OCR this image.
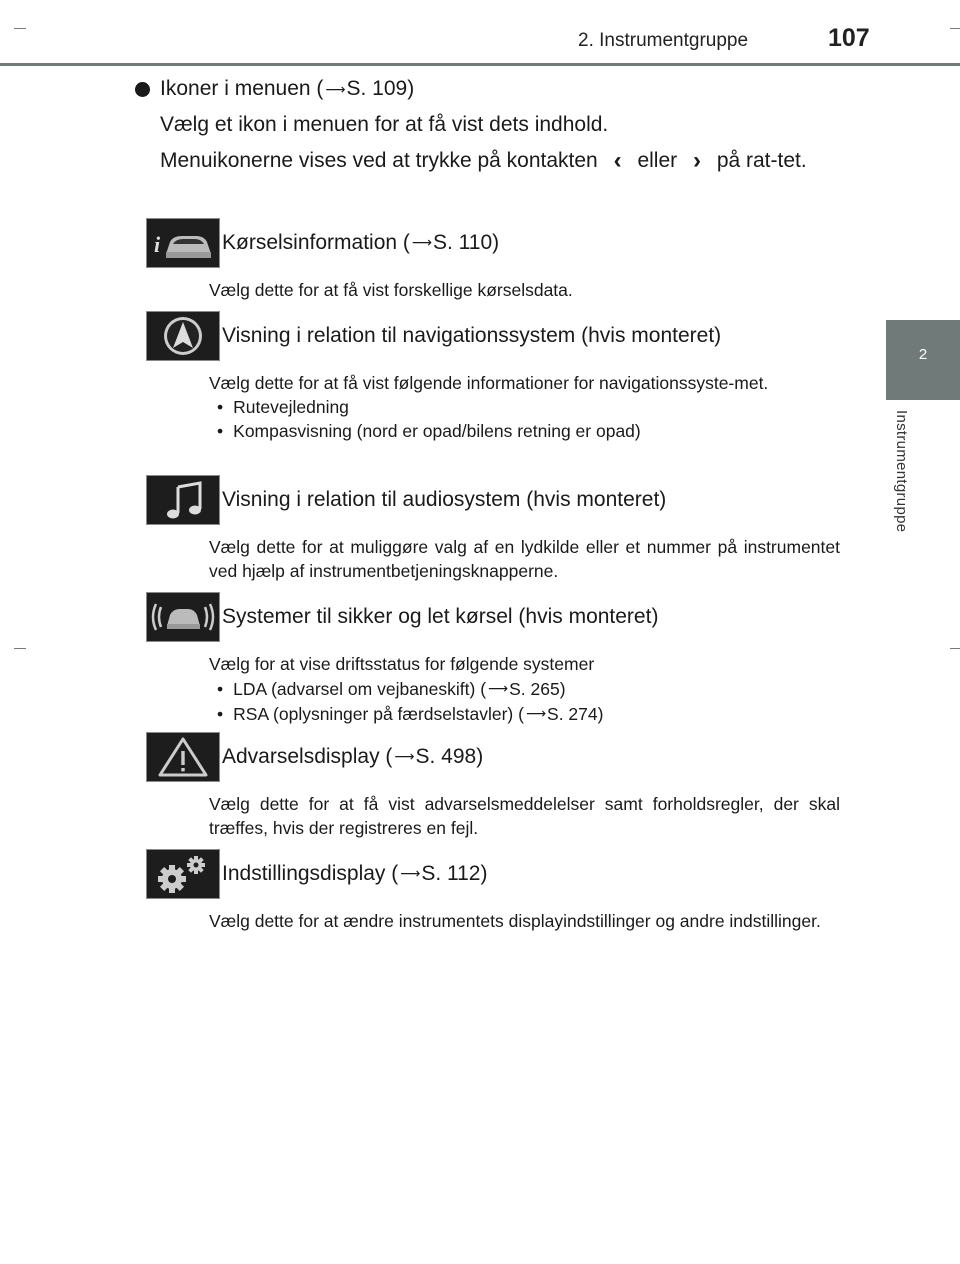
2. Instrumentgruppe	107
2
Instrumentgruppe
Ikoner i menuen ( ⟶ S. 109)

Vælg et ikon i menuen for at få vist dets indhold.

Menuikonerne vises ved at trykke på kontakten ‹ eller › på rat-tet.

i	Kørselsinformation ( ⟶S. 110)
Vælg dette for at få vist forskellige kørselsdata.
Visning i relation til navigationssystem (hvis monteret)
Vælg dette for at få vist følgende informationer for navigationssyste-met.
• Rutevejledning
• Kompasvisning (nord er opad/bilens retning er opad)
Visning i relation til audiosystem (hvis monteret)
Vælg dette for at muliggøre valg af en lydkilde eller et nummer på instrumentet ved hjælp af instrumentbetjeningsknapperne.
Systemer til sikker og let kørsel (hvis monteret)
Vælg for at vise driftsstatus for følgende systemer
• LDA (advarsel om vejbaneskift) ( ⟶S. 265)
• RSA (oplysninger på færdselstavler) ( ⟶S. 274)
Advarselsdisplay ( ⟶S. 498)
Vælg dette for at få vist advarselsmeddelelser samt forholdsregler, der skal træffes, hvis der registreres en fejl.
Indstillingsdisplay ( ⟶S. 112)
Vælg dette for at ændre instrumentets displayindstillinger og andre indstillinger.
